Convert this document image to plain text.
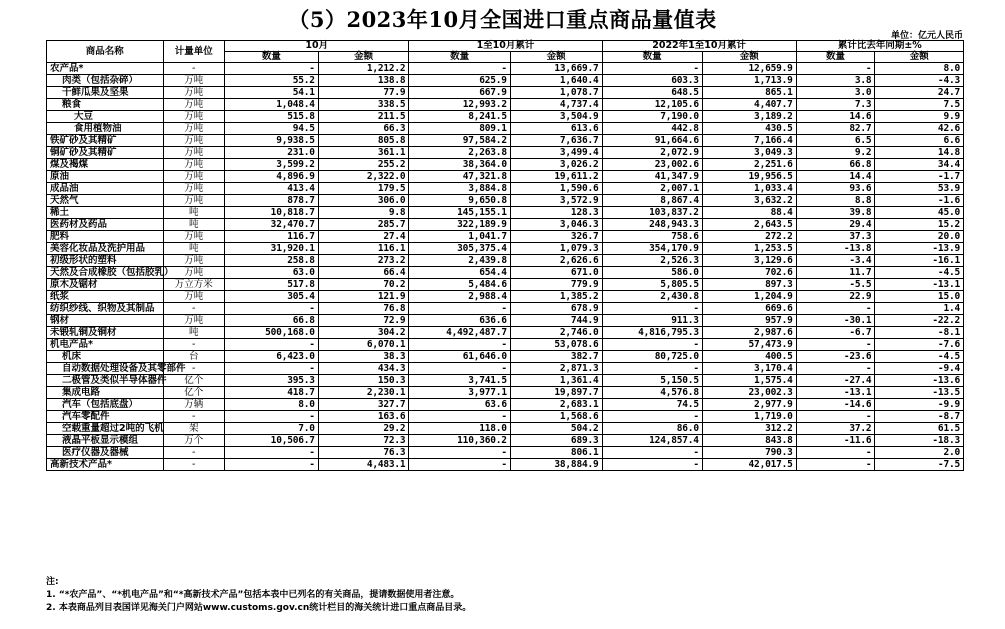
（5）2023年10月全国进口重点商品量值表
单位：亿元人民币
商品名称	计量单位	10月		1至10月累计		2022年1至10月累计		累计比去年同期±%	
		数量	金额	数量	金额	数量	金额	数量	金额
农产品*	-	-	1,212.2	-	13,669.7	-	12,659.9	-	8.0
肉类（包括杂碎）	万吨	55.2	138.8	625.9	1,640.4	603.3	1,713.9	3.8	-4.3
干鲜瓜果及坚果	万吨	54.1	77.9	667.9	1,078.7	648.5	865.1	3.0	24.7
粮食	万吨	1,048.4	338.5	12,993.2	4,737.4	12,105.6	4,407.7	7.3	7.5
大豆	万吨	515.8	211.5	8,241.5	3,504.9	7,190.0	3,189.2	14.6	9.9
食用植物油	万吨	94.5	66.3	809.1	613.6	442.8	430.5	82.7	42.6
铁矿砂及其精矿	万吨	9,938.5	805.8	97,584.2	7,636.7	91,664.6	7,166.4	6.5	6.6
铜矿砂及其精矿	万吨	231.0	361.1	2,263.8	3,499.4	2,072.9	3,049.3	9.2	14.8
煤及褐煤	万吨	3,599.2	255.2	38,364.0	3,026.2	23,002.6	2,251.6	66.8	34.4
原油	万吨	4,896.9	2,322.0	47,321.8	19,611.2	41,347.9	19,956.5	14.4	-1.7
成品油	万吨	413.4	179.5	3,884.8	1,590.6	2,007.1	1,033.4	93.6	53.9
天然气	万吨	878.7	306.0	9,650.8	3,572.9	8,867.4	3,632.2	8.8	-1.6
稀土	吨	10,818.7	9.8	145,155.1	128.3	103,837.2	88.4	39.8	45.0
医药材及药品	吨	32,470.7	285.7	322,189.9	3,046.3	248,943.3	2,643.5	29.4	15.2
肥料	万吨	116.7	27.4	1,041.7	326.7	758.6	272.2	37.3	20.0
美容化妆品及洗护用品	吨	31,920.1	116.1	305,375.4	1,079.3	354,170.9	1,253.5	-13.8	-13.9
初级形状的塑料	万吨	258.8	273.2	2,439.8	2,626.6	2,526.3	3,129.6	-3.4	-16.1
天然及合成橡胶（包括胶乳）	万吨	63.0	66.4	654.4	671.0	586.0	702.6	11.7	-4.5
原木及锯材	万立方米	517.8	70.2	5,484.6	779.9	5,805.5	897.3	-5.5	-13.1
纸浆	万吨	305.4	121.9	2,988.4	1,385.2	2,430.8	1,204.9	22.9	15.0
纺织纱线、织物及其制品	-	-	76.8	-	678.9	-	669.6	-	1.4
钢材	万吨	66.8	72.9	636.6	744.9	911.3	957.9	-30.1	-22.2
未锻轧铜及铜材	吨	500,168.0	304.2	4,492,487.7	2,746.0	4,816,795.3	2,987.6	-6.7	-8.1
机电产品*	-	-	6,070.1	-	53,078.6	-	57,473.9	-	-7.6
机床	台	6,423.0	38.3	61,646.0	382.7	80,725.0	400.5	-23.6	-4.5
自动数据处理设备及其零部件	-	-	434.3	-	2,871.3	-	3,170.4	-	-9.4
二极管及类似半导体器件	亿个	395.3	150.3	3,741.5	1,361.4	5,150.5	1,575.4	-27.4	-13.6
集成电路	亿个	418.7	2,230.1	3,977.1	19,897.7	4,576.8	23,002.3	-13.1	-13.5
汽车（包括底盘）	万辆	8.0	327.7	63.6	2,683.1	74.5	2,977.9	-14.6	-9.9
汽车零配件	-	-	163.6	-	1,568.6	-	1,719.0	-	-8.7
空载重量超过2吨的飞机	架	7.0	29.2	118.0	504.2	86.0	312.2	37.2	61.5
液晶平板显示模组	万个	10,506.7	72.3	110,360.2	689.3	124,857.4	843.8	-11.6	-18.3
医疗仪器及器械	-	-	76.3	-	806.1	-	790.3	-	2.0
高新技术产品*	-	-	4,483.1	-	38,884.9	-	42,017.5	-	-7.5
注:
1. “*农产品”、“*机电产品”和“*高新技术产品”包括本表中已列名的有关商品，提请数据使用者注意。
2. 本表商品列目表国详见海关门户网站www.customs.gov.cn统计栏目的海关统计进口重点商品目录。
